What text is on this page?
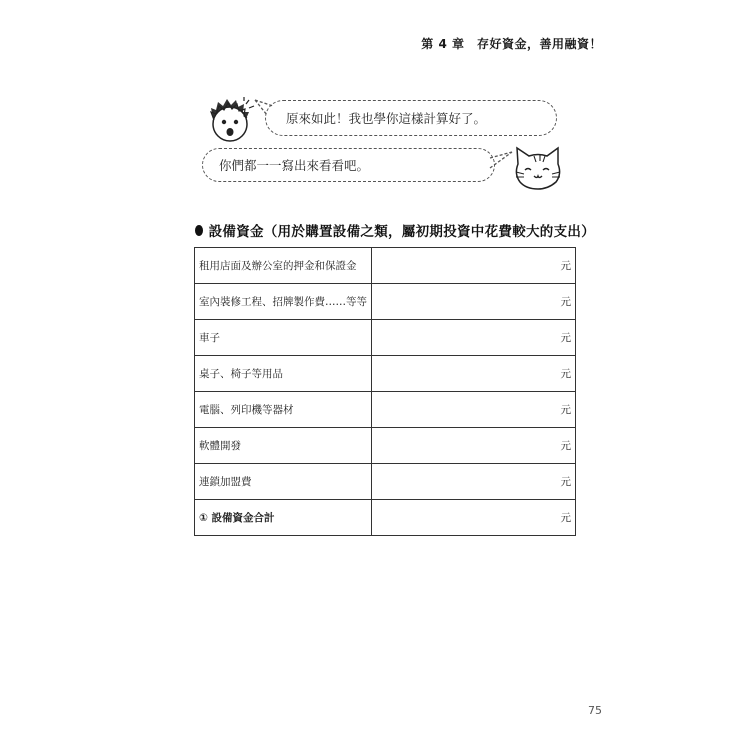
第 4 章　存好資金，善用融資！
原來如此！我也學你這樣計算好了。
你們都一一寫出來看看吧。
設備資金（用於購置設備之類，屬初期投資中花費較大的支出）
租用店面及辦公室的押金和保證金	元
室內裝修工程、招牌製作費……等等	元
車子	元
桌子、椅子等用品	元
電腦、列印機等器材	元
軟體開發	元
連鎖加盟費	元
① 設備資金合計	元
75
